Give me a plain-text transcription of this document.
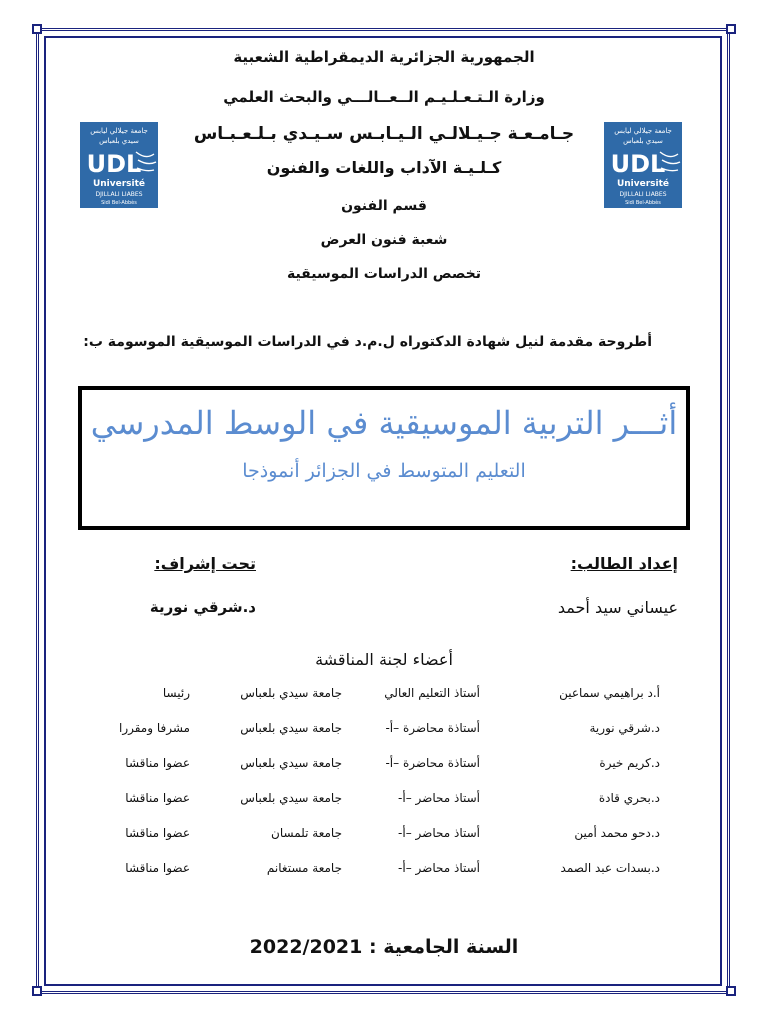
الجمهورية الجزائرية الديمقراطية الشعبية
وزارة الـتـعـلـيـم الــعــالـــي والبحث العلمي
جـامـعـة جـيـلالـي الـيـابـس سـيـدي بـلـعـبـاس
كـلـيـة الآداب واللغات والفنون
قسم الفنون
شعبة فنون العرض
تخصص الدراسات الموسيقية
جامعة جيلالي ليابس
سيدي بلعباس
UDL
Université
DJILLALI LIABES
Sidi Bel-Abbès
جامعة جيلالي ليابس
سيدي بلعباس
UDL
Université
DJILLALI LIABES
Sidi Bel-Abbès
أطروحة مقدمة لنيل شهادة الدكتوراه ل.م.د في الدراسات الموسيقية الموسومة ب:
أثـــر التربية الموسيقية في الوسط المدرسي
التعليم المتوسط في الجزائر أنموذجا
إعداد الطالب:
تحت إشراف:
عيساني سيد أحمد
د.شرقي نورية
أعضاء لجنة المناقشة
أ.د براهيمي سماعين
أستاذ التعليم العالي
جامعة سيدي بلعباس
رئيسا
د.شرقي نورية
أستاذة محاضرة –أ-
جامعة سيدي بلعباس
مشرفا ومقررا
د.كريم خيرة
أستاذة محاضرة –أ-
جامعة سيدي بلعباس
عضوا مناقشا
د.بحري قادة
أستاذ محاضر –أ-
جامعة سيدي بلعباس
عضوا مناقشا
د.دحو محمد أمين
أستاذ محاضر –أ-
جامعة تلمسان
عضوا مناقشا
د.بسدات عبد الصمد
أستاذ محاضر –أ-
جامعة مستغانم
عضوا مناقشا
السنة الجامعية : 2022/2021
